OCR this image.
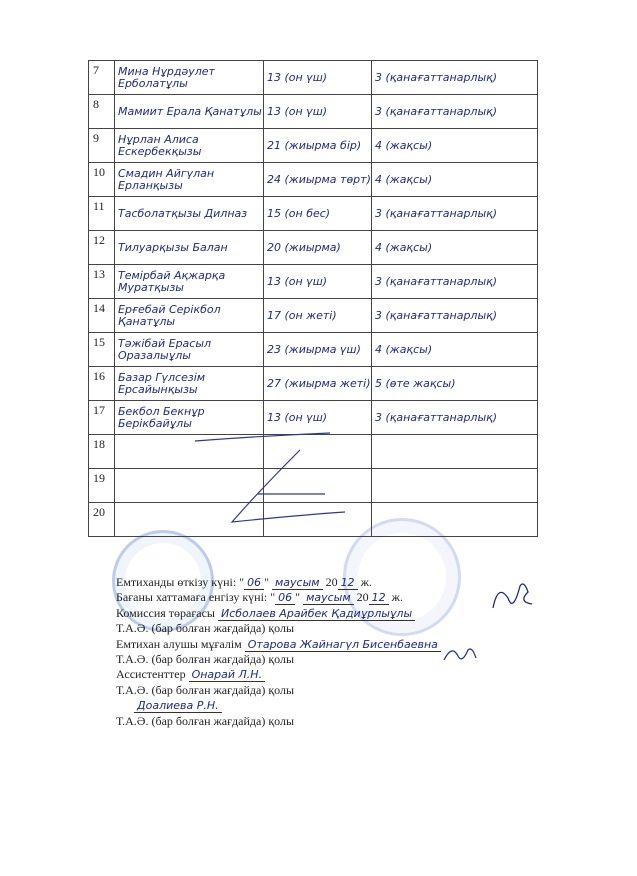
7	Мина Нұрдәулет Ерболатұлы	13 (он үш)	3 (қанағаттанарлық)

8	Мамиит Ерала Қанатұлы	13 (он үш)	3 (қанағаттанарлық)

9	Нұрлан Алиса Ескербекқызы	21 (жиырма бір)	4 (жақсы)

10	Смадин Айгүлан Ерланқызы	24 (жиырма төрт)	4 (жақсы)

11	Тасболатқызы Дилназ	15 (он бес)	3 (қанағаттанарлық)

12	Тилуарқызы Балан	20 (жиырма)	4 (жақсы)

13	Темірбай Ақжарқа Муратқызы	13 (он үш)	3 (қанағаттанарлық)

14	Ерғебай Серікбол Қанатұлы	17 (он жеті)	3 (қанағаттанарлық)

15	Тәжібай Ерасыл Оразалыұлы	23 (жиырма үш)	4 (жақсы)

16	Базар Гүлсезім Ерсайынқызы	27 (жиырма жеті)	5 (өте жақсы)

17	Бекбол Бекнұр Берікбайұлы	13 (он үш)	3 (қанағаттанарлық)

18	

19	

20	

Емтиханды өткізу күні: " 06 " маусым 20 12 ж.
Бағаны хаттамаға енгізу күні: " 06 " маусым 20 12 ж.
Комиссия төрағасы Исболаев Арайбек Қадиұрлыұлы
Т.А.Ә. (бар болған жағдайда) қолы
Емтихан алушы мұғалім Отарова Жайнагүл Бисенбаевна
Т.А.Ә. (бар болған жағдайда) қолы
Ассистенттер Онарай Л.Н.
Т.А.Ә. (бар болған жағдайда) қолы
Доалиева Р.Н.
Т.А.Ә. (бар болған жағдайда) қолы
